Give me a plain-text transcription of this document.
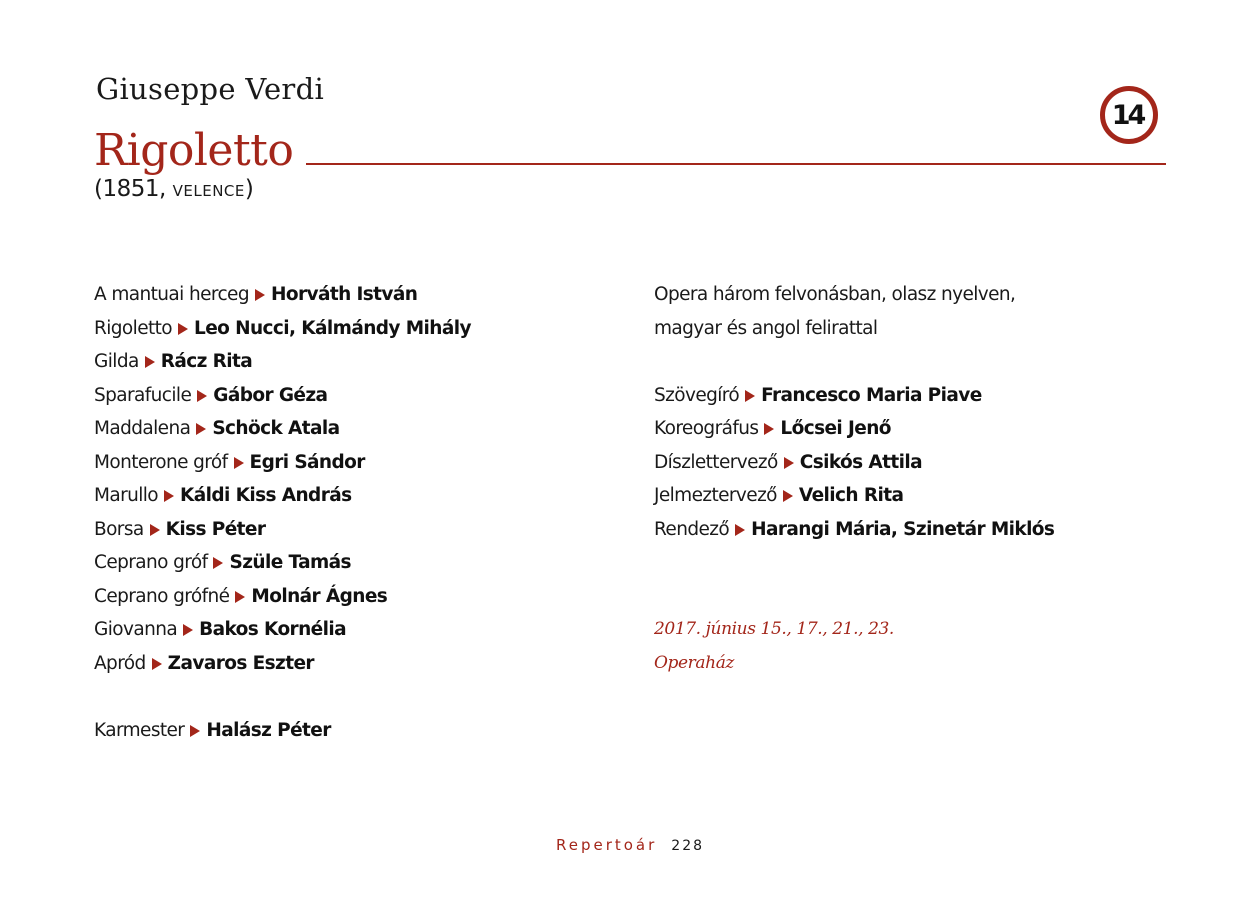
Giuseppe Verdi
Rigoletto
(1851, VELENCE)
14
A mantuai herceg Horváth István
Rigoletto Leo Nucci, Kálmándy Mihály
Gilda Rácz Rita
Sparafucile Gábor Géza
Maddalena Schöck Atala
Monterone gróf Egri Sándor
Marullo Káldi Kiss András
Borsa Kiss Péter
Ceprano gróf Szüle Tamás
Ceprano grófné Molnár Ágnes
Giovanna Bakos Kornélia
Apród Zavaros Eszter
Karmester Halász Péter
Opera három felvonásban, olasz nyelven,
magyar és angol felirattal
Szövegíró Francesco Maria Piave
Koreográfus Lőcsei Jenő
Díszlettervező Csikós Attila
Jelmeztervező Velich Rita
Rendező Harangi Mária, Szinetár Miklós
2017. június 15., 17., 21., 23.
Operaház
Repertoár 228
